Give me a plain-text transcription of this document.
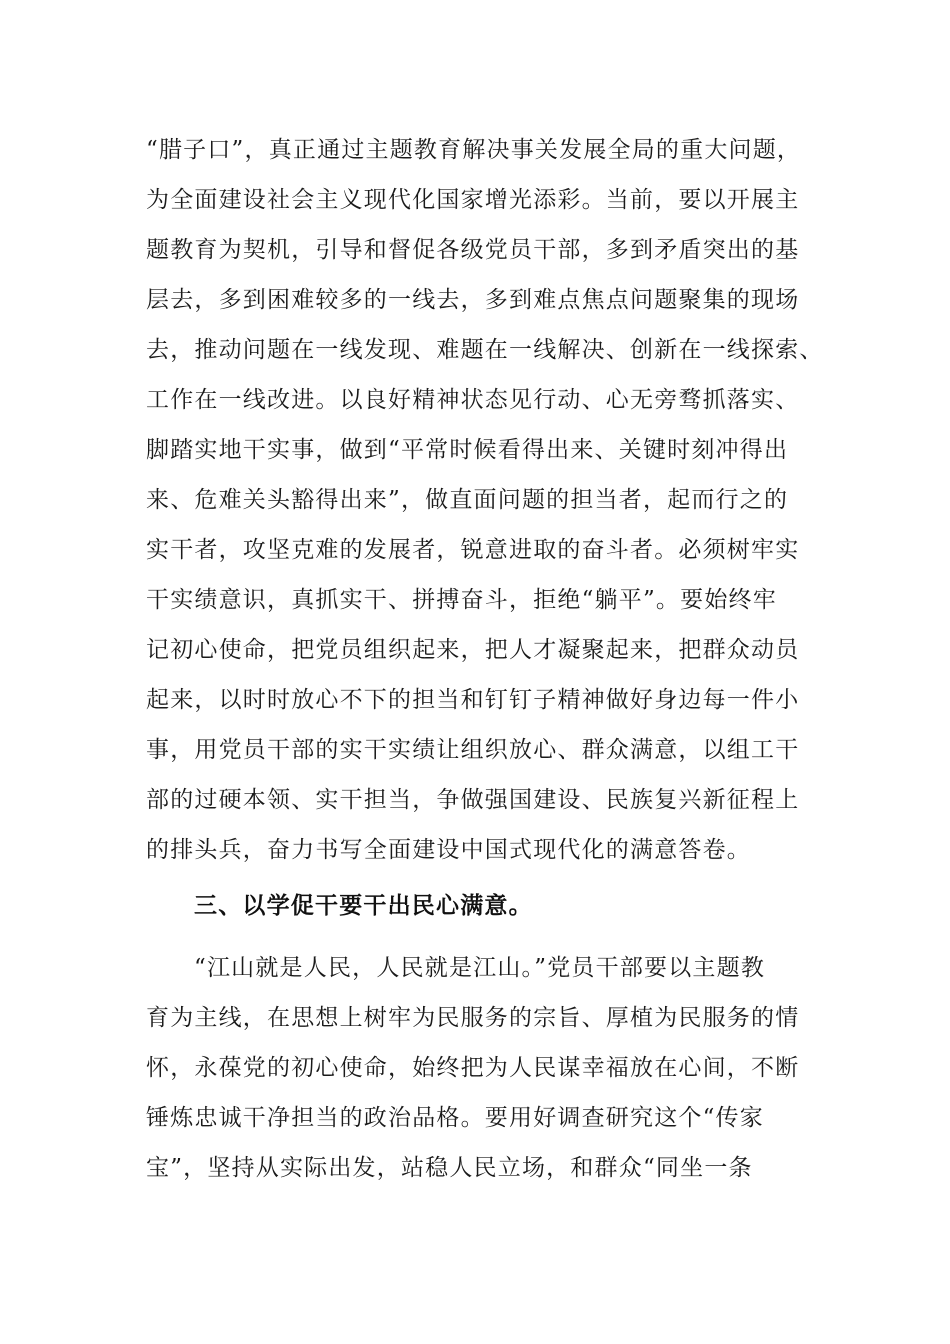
“腊子口”，真正通过主题教育解决事关发展全局的重大问题，
为全面建设社会主义现代化国家增光添彩。当前，要以开展主
题教育为契机，引导和督促各级党员干部，多到矛盾突出的基
层去，多到困难较多的一线去，多到难点焦点问题聚集的现场
去，推动问题在一线发现、难题在一线解决、创新在一线探索、
工作在一线改进。以良好精神状态见行动、心无旁骛抓落实、
脚踏实地干实事，做到“平常时候看得出来、关键时刻冲得出
来、危难关头豁得出来”，做直面问题的担当者，起而行之的
实干者，攻坚克难的发展者，锐意进取的奋斗者。必须树牢实
干实绩意识，真抓实干、拼搏奋斗，拒绝“躺平”。要始终牢
记初心使命，把党员组织起来，把人才凝聚起来，把群众动员
起来，以时时放心不下的担当和钉钉子精神做好身边每一件小
事，用党员干部的实干实绩让组织放心、群众满意，以组工干
部的过硬本领、实干担当，争做强国建设、民族复兴新征程上
的排头兵，奋力书写全面建设中国式现代化的满意答卷。
三、以学促干要干出民心满意。
“江山就是人民，人民就是江山。”党员干部要以主题教
育为主线，在思想上树牢为民服务的宗旨、厚植为民服务的情
怀，永葆党的初心使命，始终把为人民谋幸福放在心间，不断
锤炼忠诚干净担当的政治品格。要用好调查研究这个“传家
宝”，坚持从实际出发，站稳人民立场，和群众“同坐一条
